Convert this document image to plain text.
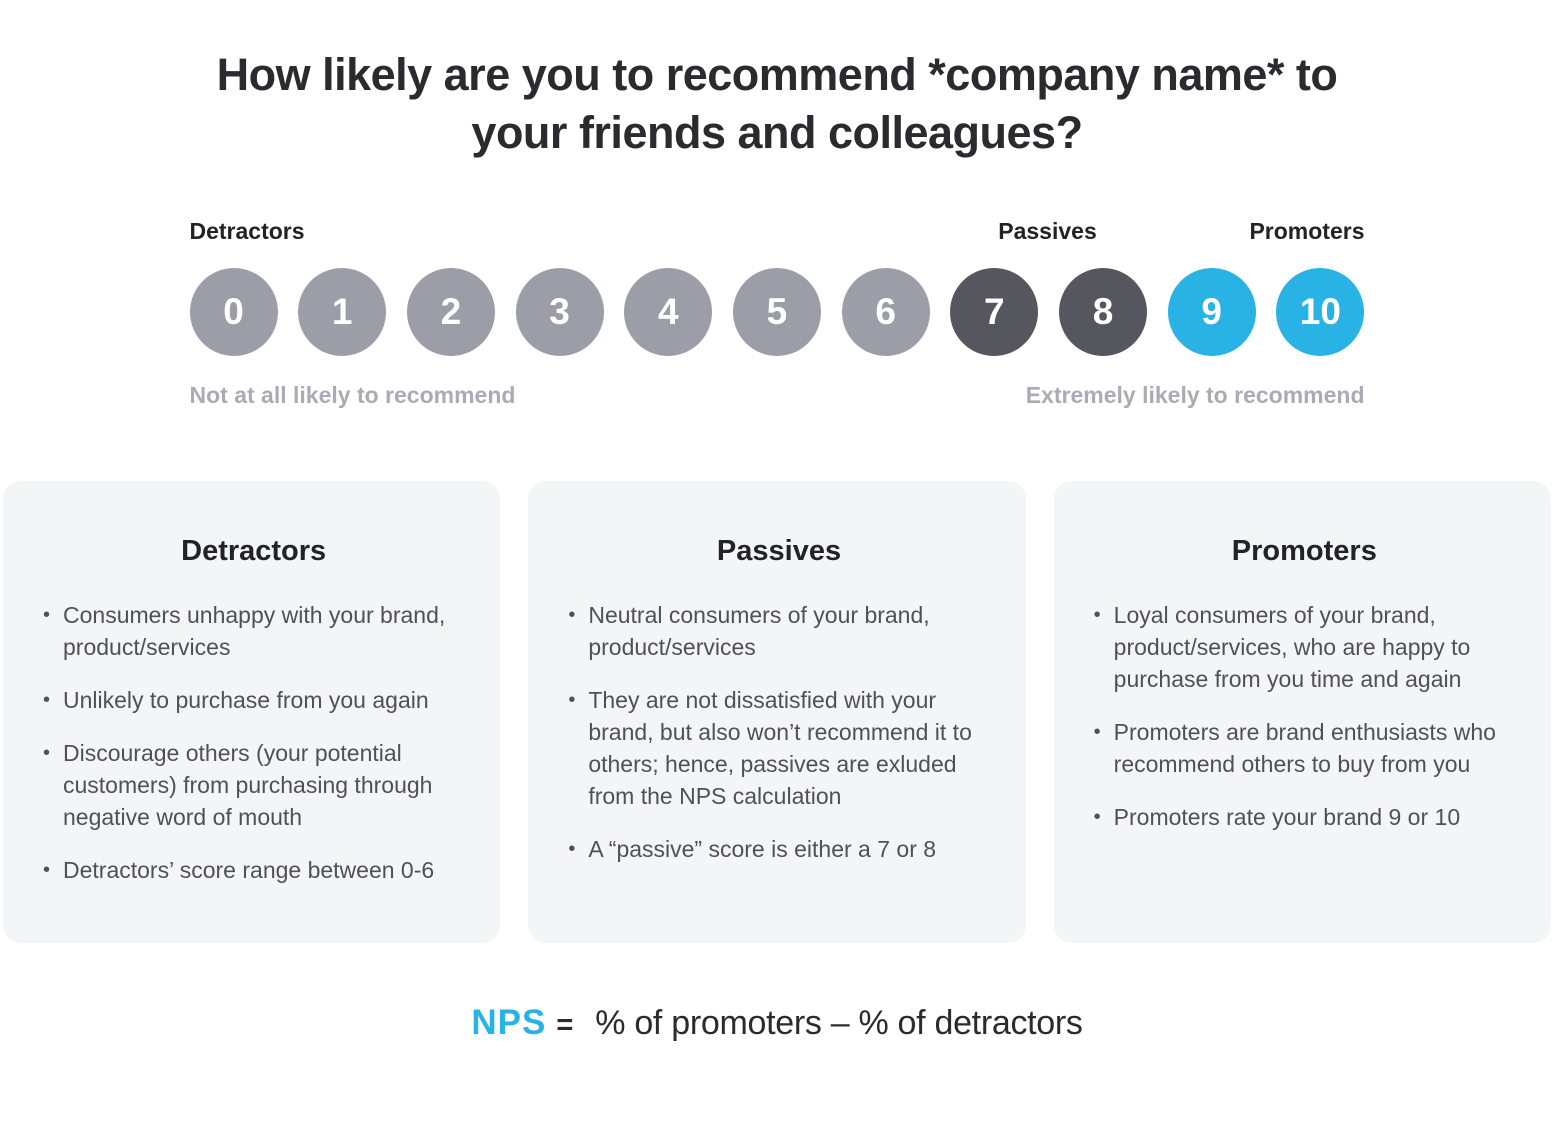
How likely are you to recommend *company name* to
your friends and colleagues?
Detractors	Passives	Promoters
0	1	2	3	4	5	6	7	8	9	10
Not at all likely to recommend	Extremely likely to recommend
Detractors
• Consumers unhappy with your brand, product/services
• Unlikely to purchase from you again
• Discourage others (your potential customers) from purchasing through negative word of mouth
• Detractors’ score range between 0-6
Passives
• Neutral consumers of your brand, product/services
• They are not dissatisfied with your brand, but also won’t recommend it to others; hence, passives are exluded from the NPS calculation
• A “passive” score is either a 7 or 8
Promoters
• Loyal consumers of your brand, product/services, who are happy to purchase from you time and again
• Promoters are brand enthusiasts who recommend others to buy from you
• Promoters rate your brand 9 or 10
NPS = % of promoters – % of detractors
